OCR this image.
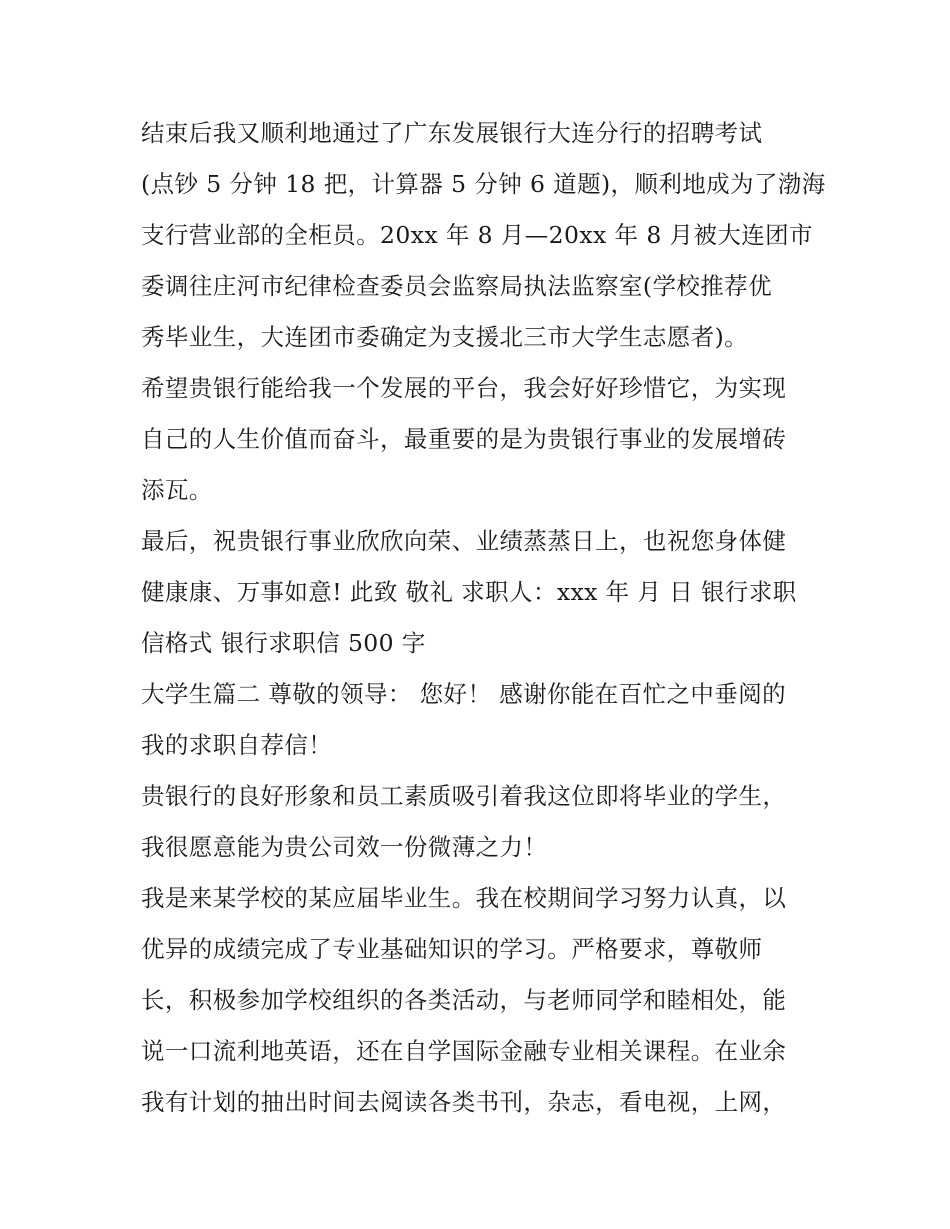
结束后我又顺利地通过了广东发展银行大连分行的招聘考试
(点钞 5 分钟 18 把，计算器 5 分钟 6 道题)，顺利地成为了渤海
支行营业部的全柜员。20xx 年 8 月—20xx 年 8 月被大连团市
委调往庄河市纪律检查委员会监察局执法监察室(学校推荐优
秀毕业生，大连团市委确定为支援北三市大学生志愿者)。
希望贵银行能给我一个发展的平台，我会好好珍惜它，为实现
自己的人生价值而奋斗，最重要的是为贵银行事业的发展增砖
添瓦。
最后，祝贵银行事业欣欣向荣、业绩蒸蒸日上，也祝您身体健
健康康、万事如意! 此致 敬礼 求职人：xxx 年 月 日 银行求职
信格式 银行求职信 500 字
大学生篇二 尊敬的领导： 您好！ 感谢你能在百忙之中垂阅的
我的求职自荐信！
贵银行的良好形象和员工素质吸引着我这位即将毕业的学生，
我很愿意能为贵公司效一份微薄之力！
我是来某学校的某应届毕业生。我在校期间学习努力认真，以
优异的成绩完成了专业基础知识的学习。严格要求，尊敬师
长，积极参加学校组织的各类活动，与老师同学和睦相处，能
说一口流利地英语，还在自学国际金融专业相关课程。在业余
我有计划的抽出时间去阅读各类书刊，杂志，看电视，上网，
